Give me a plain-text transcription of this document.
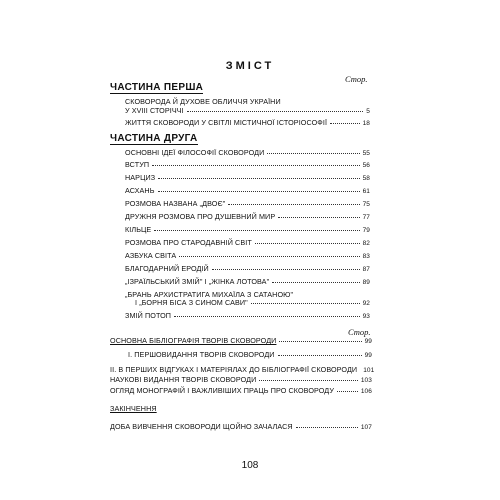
ЗМІСТ
Стор.
ЧАСТИНА ПЕРША
СКОВОРОДА Й ДУХОВЕ ОБЛИЧЧЯ УКРАЇНИ
У XVIII СТОРІЧЧІ	5
ЖИТТЯ СКОВОРОДИ У СВІТЛІ МІСТИЧНОЇ ІСТОРІОСОФІЇ	18
ЧАСТИНА ДРУГА
ОСНОВНІ ІДЕЇ ФІЛОСОФІЇ СКОВОРОДИ	55
ВСТУП	56
НАРЦИЗ	58
АСХАНЬ	61
РОЗМОВА НАЗВАНА „ДВОЄ"	75
ДРУЖНЯ РОЗМОВА ПРО ДУШЕВНИЙ МИР	77
КІЛЬЦЕ	79
РОЗМОВА ПРО СТАРОДАВНІЙ СВІТ	82
АЗБУКА СВІТА	83
БЛАГОДАРНИЙ ЕРОДІЙ	87
„ІЗРАЇЛЬСЬКИЙ ЗМІЙ" І „ЖІНКА ЛОТОВА"	89
„БРАНЬ АРХИСТРАТИГА МИХАЇЛА З САТАНОЮ"
І „БОРНЯ БІСА З СИНОМ САВИ"	92
ЗМІЙ ПОТОП	93
Стор.
ОСНОВНА БІБЛІОГРАФІЯ ТВОРІВ СКОВОРОДИ	99
І. ПЕРШОВИДАННЯ ТВОРІВ СКОВОРОДИ	99
ІІ. В ПЕРШИХ ВІДГУКАХ І МАТЕРІЯЛАХ ДО БІБЛІОГРАФІЇ СКОВОРОДИ 101
НАУКОВІ ВИДАННЯ ТВОРІВ СКОВОРОДИ	103
ОГЛЯД МОНОГРАФІЙ І ВАЖЛИВІШИХ ПРАЦЬ ПРО СКОВОРОДУ	106
ЗАКІНЧЕННЯ
ДОБА ВИВЧЕННЯ СКОВОРОДИ ЩОЙНО ЗАЧАЛАСЯ	107
108
